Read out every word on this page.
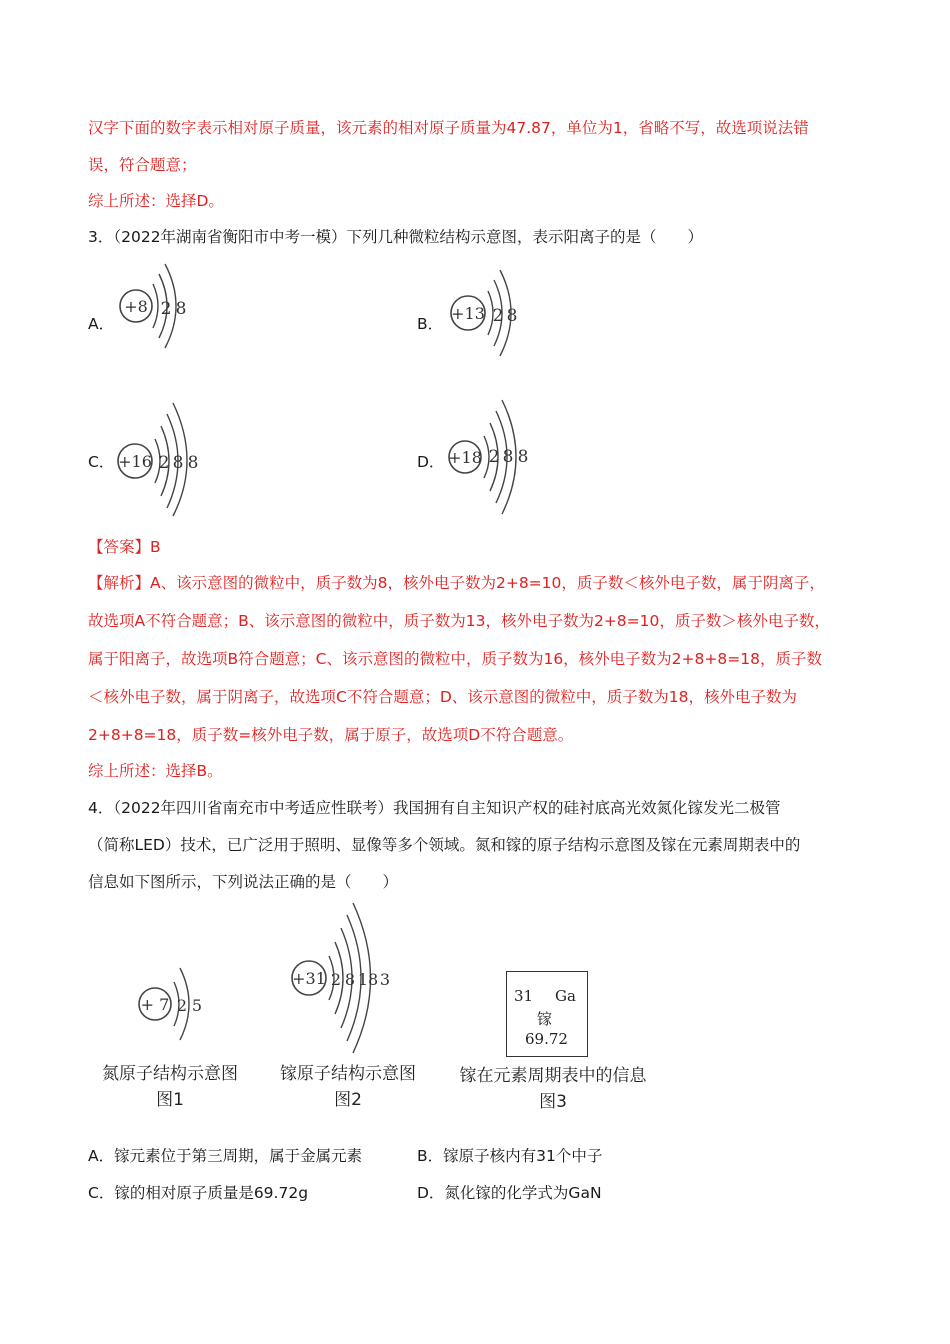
汉字下面的数字表示相对原子质量，该元素的相对原子质量为47.87，单位为1，省略不写，故选项说法错
误，符合题意；
综上所述：选择D。
3．（2022年湖南省衡阳市中考一模）下列几种微粒结构示意图，表示阳离子的是（　　）
A．
+8 2 8
B．
+13 2 8
C． +16 2 8 8	D． +18 2 8 8
【答案】B
【解析】A、该示意图的微粒中，质子数为8，核外电子数为2+8=10，质子数＜核外电子数，属于阴离子，
故选项A不符合题意；B、该示意图的微粒中，质子数为13，核外电子数为2+8=10，质子数＞核外电子数，
属于阳离子，故选项B符合题意；C、该示意图的微粒中，质子数为16，核外电子数为2+8+8=18，质子数
＜核外电子数，属于阴离子，故选项C不符合题意；D、该示意图的微粒中，质子数为18，核外电子数为
2+8+8=18，质子数=核外电子数，属于原子，故选项D不符合题意。
综上所述：选择B。
4．（2022年四川省南充市中考适应性联考）我国拥有自主知识产权的硅衬底高光效氮化镓发光二极管
（简称LED）技术，已广泛用于照明、显像等多个领域。氮和镓的原子结构示意图及镓在元素周期表中的
信息如下图所示，下列说法正确的是（　　）
+ 7 2 5
氮原子结构示意图
图1
+31 2 8 18 3
镓原子结构示意图
图2
31 Ga
镓
69.72
镓在元素周期表中的信息
图3
A．镓元素位于第三周期，属于金属元素	B．镓原子核内有31个中子
C．镓的相对原子质量是69.72g	D．氮化镓的化学式为GaN
